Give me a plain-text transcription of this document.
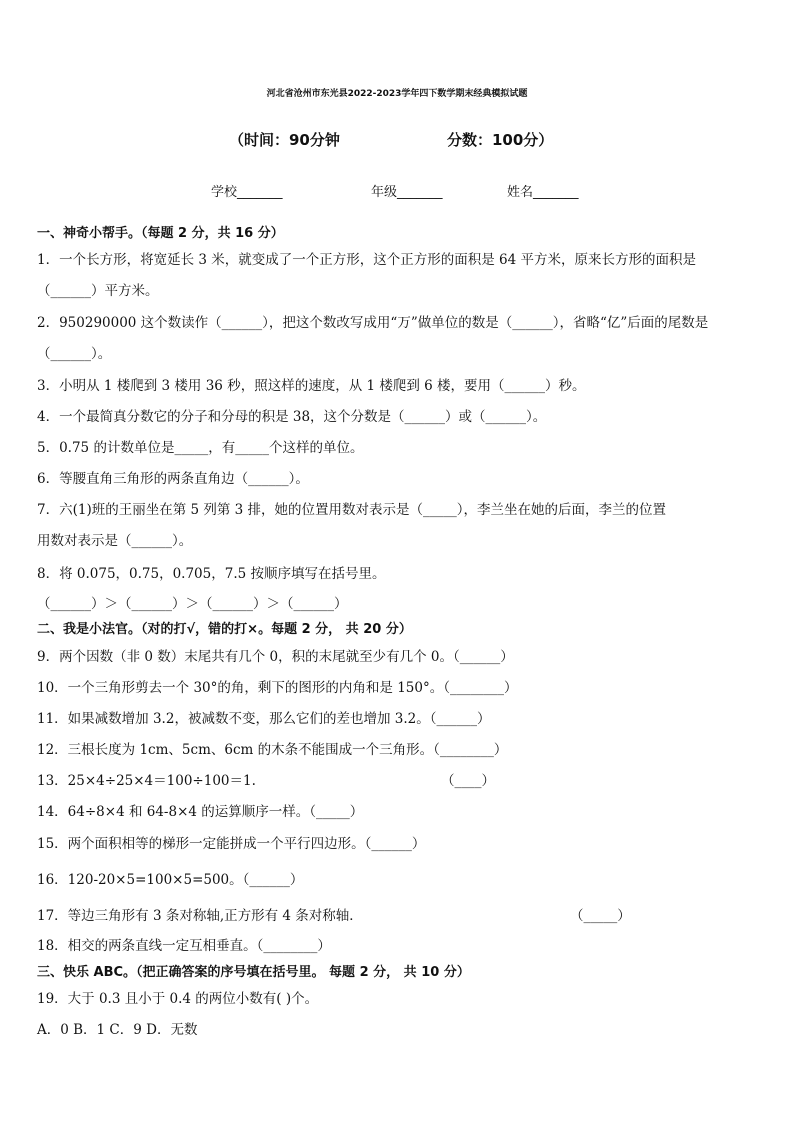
河北省沧州市东光县2022-2023学年四下数学期末经典模拟试题
（时间：90分钟	分数：100分）
学校_______	年级_______	姓名_______
一、神奇小帮手。（每题 2 分，共 16 分）
1．一个长方形，将宽延长 3 米，就变成了一个正方形，这个正方形的面积是 64 平方米，原来长方形的面积是
（______）平方米。
2．950290000 这个数读作（______），把这个数改写成用“万”做单位的数是（______），省略“亿”后面的尾数是
（______）。
3．小明从 1 楼爬到 3 楼用 36 秒，照这样的速度，从 1 楼爬到 6 楼，要用（______）秒。
4．一个最简真分数它的分子和分母的积是 38，这个分数是（______）或（______）。
5．0.75 的计数单位是_____，有_____个这样的单位。
6．等腰直角三角形的两条直角边（______）。
7．六(1)班的王丽坐在第 5 列第 3 排，她的位置用数对表示是（_____），李兰坐在她的后面，李兰的位置
用数对表示是（______）。
8．将 0.075，0.75，0.705，7.5 按顺序填写在括号里。
（______）＞（______）＞（______）＞（______）
二、我是小法官。（对的打√，错的打×。每题 2 分， 共 20 分）
9．两个因数（非 0 数）末尾共有几个 0，积的末尾就至少有几个 0。（______）
10．一个三角形剪去一个 30°的角，剩下的图形的内角和是 150°。（________）
11．如果减数增加 3.2，被减数不变，那么它们的差也增加 3.2。（______）
12．三根长度为 1cm、5cm、6cm 的木条不能围成一个三角形。（________）
13．25×4÷25×4＝100÷100＝1.	（____）
14．64÷8×4 和 64-8×4 的运算顺序一样。（_____）
15．两个面积相等的梯形一定能拼成一个平行四边形。（______）
16．120-20×5=100×5=500。（______）
17．等边三角形有 3 条对称轴,正方形有 4 条对称轴．	（_____）
18．相交的两条直线一定互相垂直。（________）
三、快乐 ABC。（把正确答案的序号填在括号里。 每题 2 分， 共 10 分）
19．大于 0.3 且小于 0.4 的两位小数有( )个。
A．0 B．1 C．9 D．无数
